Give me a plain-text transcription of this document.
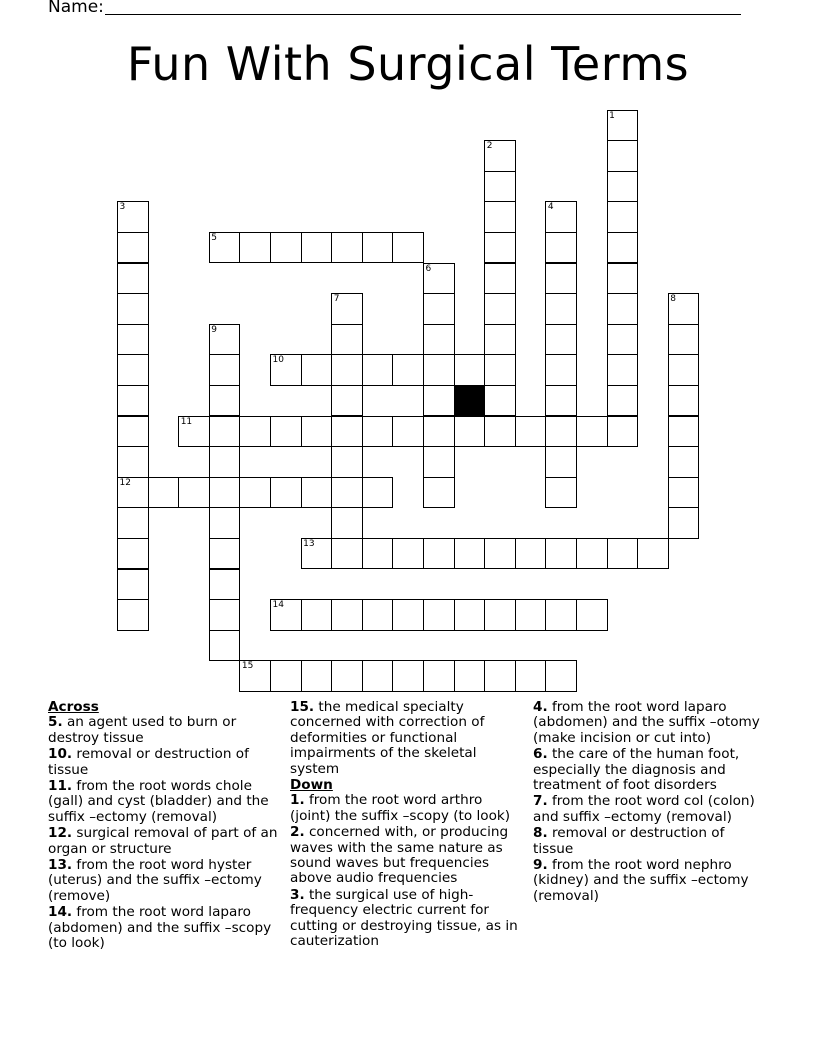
Name:
Fun With Surgical Terms
5
10
11
12
13
14
15
1
2
3	4
6
7	8
9

Across

5. an agent used to burn or destroy tissue

10. removal or destruction of tissue

11. from the root words chole (gall) and cyst (bladder) and the suffix –ectomy (removal)

12. surgical removal of part of an organ or structure

13. from the root word hyster (uterus) and the suffix –ectomy (remove)

14. from the root word laparo (abdomen) and the suffix –scopy (to look)

15. the medical specialty concerned with correction of deformities or functional impairments of the skeletal system

Down

1. from the root word arthro (joint) the suffix –scopy (to look)

2. concerned with, or producing waves with the same nature as sound waves but frequencies above audio frequencies

3. the surgical use of high-frequency electric current for cutting or destroying tissue, as in cauterization

4. from the root word laparo (abdomen) and the suffix –otomy (make incision or cut into)

6. the care of the human foot, especially the diagnosis and treatment of foot disorders

7. from the root word col (colon) and suffix –ectomy (removal)

8. removal or destruction of tissue

9. from the root word nephro (kidney) and the suffix –ectomy (removal)
